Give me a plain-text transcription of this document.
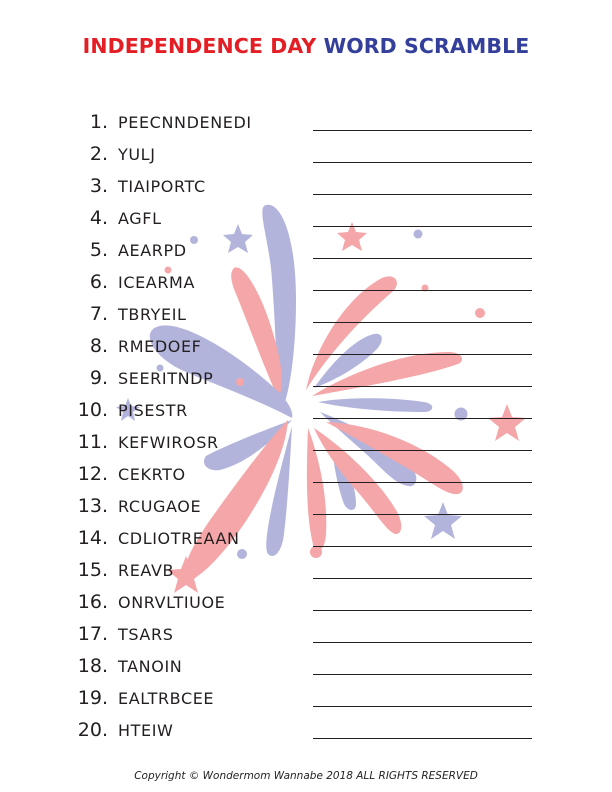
INDEPENDENCE DAY WORD SCRAMBLE
1. PEECNNDENEDI
2. YULJ
3. TIAIPORTC
4. AGFL
5. AEARPD
6. ICEARMA
7. TBRYEIL
8. RMEDOEF
9. SEERITNDP
10. PISESTR
11. KEFWIROSR
12. CEKRTO
13. RCUGAOE
14. CDLIOTREAAN
15. REAVB
16. ONRVLTIUOE
17. TSARS
18. TANOIN
19. EALTRBCEE
20. HTEIW
Copyright © Wondermom Wannabe 2018 ALL RIGHTS RESERVED
